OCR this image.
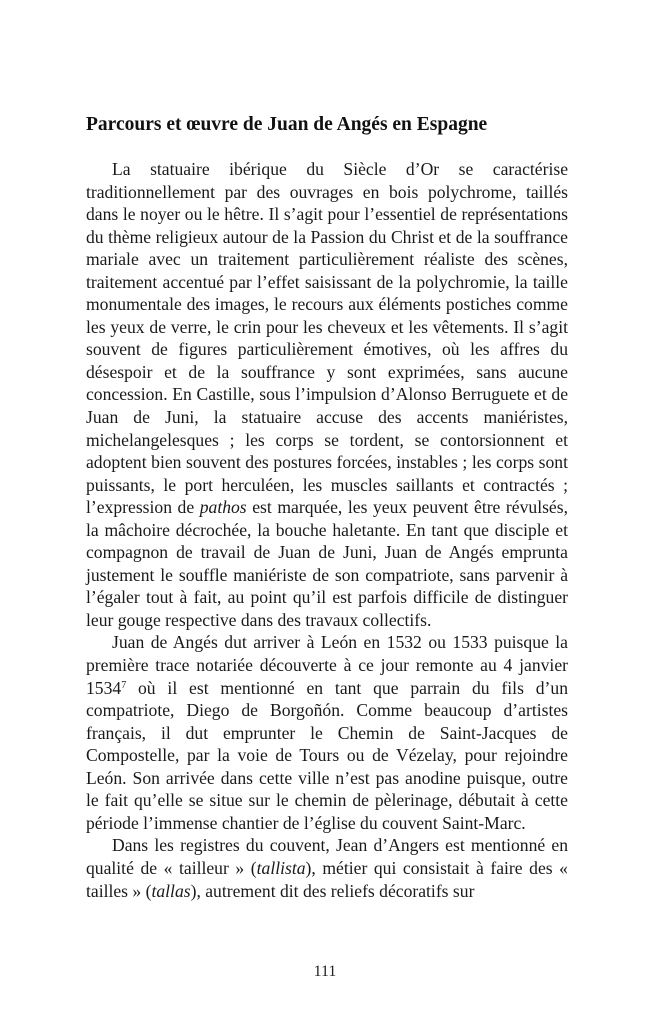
Parcours et œuvre de Juan de Angés en Espagne

La statuaire ibérique du Siècle d’Or se caractérise traditionnellement par des ouvrages en bois polychrome, taillés dans le noyer ou le hêtre. Il s’agit pour l’essentiel de représentations du thème religieux autour de la Passion du Christ et de la souffrance mariale avec un traitement particulièrement réaliste des scènes, traitement accentué par l’effet saisissant de la polychromie, la taille monumentale des images, le recours aux éléments postiches comme les yeux de verre, le crin pour les cheveux et les vêtements. Il s’agit souvent de figures particulièrement émotives, où les affres du désespoir et de la souffrance y sont exprimées, sans aucune concession. En Castille, sous l’impulsion d’Alonso Berruguete et de Juan de Juni, la statuaire accuse des accents maniéristes, michelangelesques ; les corps se tordent, se contorsionnent et adoptent bien souvent des postures forcées, instables ; les corps sont puissants, le port herculéen, les muscles saillants et contractés ; l’expression de pathos est marquée, les yeux peuvent être révulsés, la mâchoire décrochée, la bouche haletante. En tant que disciple et compagnon de travail de Juan de Juni, Juan de Angés emprunta justement le souffle maniériste de son compatriote, sans parvenir à l’égaler tout à fait, au point qu’il est parfois difficile de distinguer leur gouge respective dans des travaux collectifs.

Juan de Angés dut arriver à León en 1532 ou 1533 puisque la première trace notariée découverte à ce jour remonte au 4 janvier 1534$^7$ où il est mentionné en tant que parrain du fils d’un compatriote, Diego de Borgoñón. Comme beaucoup d’artistes français, il dut emprunter le Chemin de Saint-Jacques de Compostelle, par la voie de Tours ou de Vézelay, pour rejoindre León. Son arrivée dans cette ville n’est pas anodine puisque, outre le fait qu’elle se situe sur le chemin de pèlerinage, débutait à cette période l’immense chantier de l’église du couvent Saint-Marc.

Dans les registres du couvent, Jean d’Angers est mentionné en qualité de « tailleur » (tallista), métier qui consistait à faire des « tailles » (tallas), autrement dit des reliefs décoratifs sur

111
